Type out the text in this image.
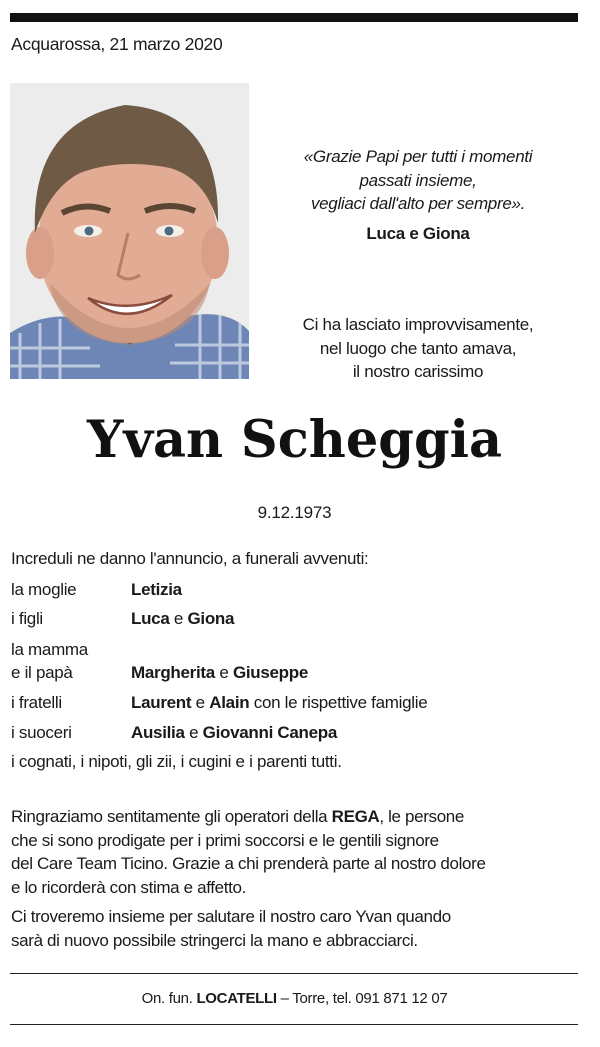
Acquarossa, 21 marzo 2020
«Grazie Papi per tutti i momenti
passati insieme,
vegliaci dall'alto per sempre».
Luca e Giona
Ci ha lasciato improvvisamente,
nel luogo che tanto amava,
il nostro carissimo
Yvan Scheggia
9.12.1973
Increduli ne danno l'annuncio, a funerali avvenuti:
la moglie	Letizia
i figli	Luca e Giona
la mamma
e il papà	Margherita e Giuseppe
i fratelli	Laurent e Alain con le rispettive famiglie
i suoceri	Ausilia e Giovanni Canepa
i cognati, i nipoti, gli zii, i cugini e i parenti tutti.
Ringraziamo sentitamente gli operatori della REGA, le persone
che si sono prodigate per i primi soccorsi e le gentili signore
del Care Team Ticino. Grazie a chi prenderà parte al nostro dolore
e lo ricorderà con stima e affetto.
Ci troveremo insieme per salutare il nostro caro Yvan quando
sarà di nuovo possibile stringerci la mano e abbracciarci.
On. fun. LOCATELLI – Torre, tel. 091 871 12 07
